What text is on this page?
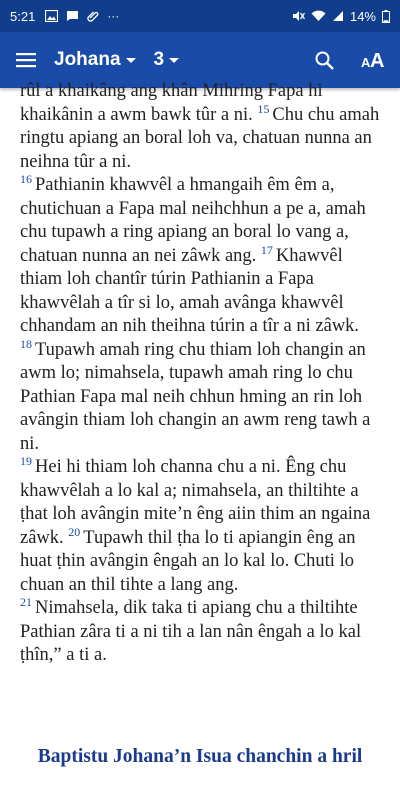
5:21	···	14%
Johana 3	A A

rûl a khaikâng ang khân Mihring Fapa hi khaikânin a awm bawk tûr a ni. $^{15}$ Chu chu amah ringtu apiang an boral loh va, chatuan nunna an neihna tûr a ni.

$^{16}$ Pathianin khawvêl a hmangaih êm êm a, chutichuan a Fapa mal neihchhun a pe a, amah chu tupawh a ring apiang an boral lo vang a, chatuan nunna an nei zâwk ang. $^{17}$ Khawvêl thiam loh chantîr túrin Pathianin a Fapa khawvêlah a tîr si lo, amah avânga khawvêl chhandam an nih theihna túrin a tîr a ni zâwk.

$^{18}$ Tupawh amah ring chu thiam loh changin an awm lo; nimahsela, tupawh amah ring lo chu Pathian Fapa mal neih chhun hming an rin loh avângin thiam loh changin an awm reng tawh a ni.

$^{19}$ Hei hi thiam loh channa chu a ni. Êng chu khawvêlah a lo kal a; nimahsela, an thiltihte a ṭhat loh avângin mite’n êng aiin thim an ngaina zâwk. $^{20}$ Tupawh thil ṭha lo ti apiangin êng an huat ṭhin avângin êngah an lo kal lo. Chuti lo chuan an thil tihte a lang ang.

$^{21}$ Nimahsela, dik taka ti apiang chu a thiltihte Pathian zâra ti a ni tih a lan nân êngah a lo kal ṭhîn,” a ti a.

Baptistu Johana’n Isua chanchin a hril
